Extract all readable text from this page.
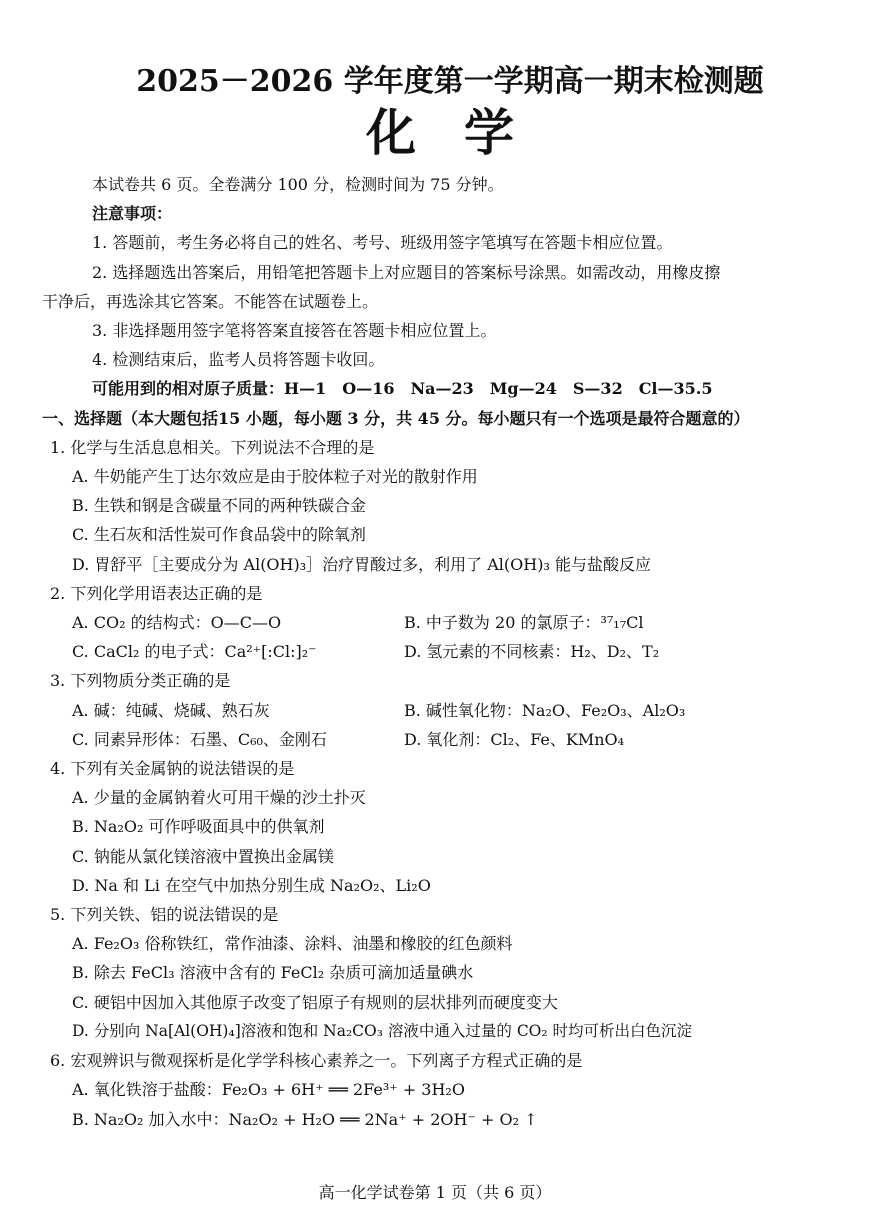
2025－2026 学年度第一学期高一期末检测题
化学
本试卷共 6 页。全卷满分 100 分，检测时间为 75 分钟。
注意事项：
1. 答题前，考生务必将自己的姓名、考号、班级用签字笔填写在答题卡相应位置。
2. 选择题选出答案后，用铅笔把答题卡上对应题目的答案标号涂黑。如需改动，用橡皮擦
干净后，再选涂其它答案。不能答在试题卷上。
3. 非选择题用签字笔将答案直接答在答题卡相应位置上。
4. 检测结束后，监考人员将答题卡收回。
可能用到的相对原子质量：H—1　O—16　Na—23　Mg—24　S—32　Cl—35.5
一、选择题（本大题包括15 小题，每小题 3 分，共 45 分。每小题只有一个选项是最符合题意的）
1. 化学与生活息息相关。下列说法不合理的是
A. 牛奶能产生丁达尔效应是由于胶体粒子对光的散射作用
B. 生铁和钢是含碳量不同的两种铁碳合金
C. 生石灰和活性炭可作食品袋中的除氧剂
D. 胃舒平［主要成分为 Al(OH)₃］治疗胃酸过多，利用了 Al(OH)₃ 能与盐酸反应
2. 下列化学用语表达正确的是
A. CO₂ 的结构式：O—C—O	B. 中子数为 20 的氯原子：³⁷₁₇Cl
C. CaCl₂ 的电子式：Ca²⁺[:Cl:]₂⁻	D. 氢元素的不同核素：H₂、D₂、T₂
3. 下列物质分类正确的是
A. 碱：纯碱、烧碱、熟石灰	B. 碱性氧化物：Na₂O、Fe₂O₃、Al₂O₃
C. 同素异形体：石墨、C₆₀、金刚石	D. 氧化剂：Cl₂、Fe、KMnO₄
4. 下列有关金属钠的说法错误的是
A. 少量的金属钠着火可用干燥的沙土扑灭
B. Na₂O₂ 可作呼吸面具中的供氧剂
C. 钠能从氯化镁溶液中置换出金属镁
D. Na 和 Li 在空气中加热分别生成 Na₂O₂、Li₂O
5. 下列关铁、铝的说法错误的是
A. Fe₂O₃ 俗称铁红，常作油漆、涂料、油墨和橡胶的红色颜料
B. 除去 FeCl₃ 溶液中含有的 FeCl₂ 杂质可滴加适量碘水
C. 硬铝中因加入其他原子改变了铝原子有规则的层状排列而硬度变大
D. 分别向 Na[Al(OH)₄]溶液和饱和 Na₂CO₃ 溶液中通入过量的 CO₂ 时均可析出白色沉淀
6. 宏观辨识与微观探析是化学学科核心素养之一。下列离子方程式正确的是
A. 氧化铁溶于盐酸：Fe₂O₃ + 6H⁺ ══ 2Fe³⁺ + 3H₂O
B. Na₂O₂ 加入水中：Na₂O₂ + H₂O ══ 2Na⁺ + 2OH⁻ + O₂ ↑
高一化学试卷第 1 页（共 6 页）
